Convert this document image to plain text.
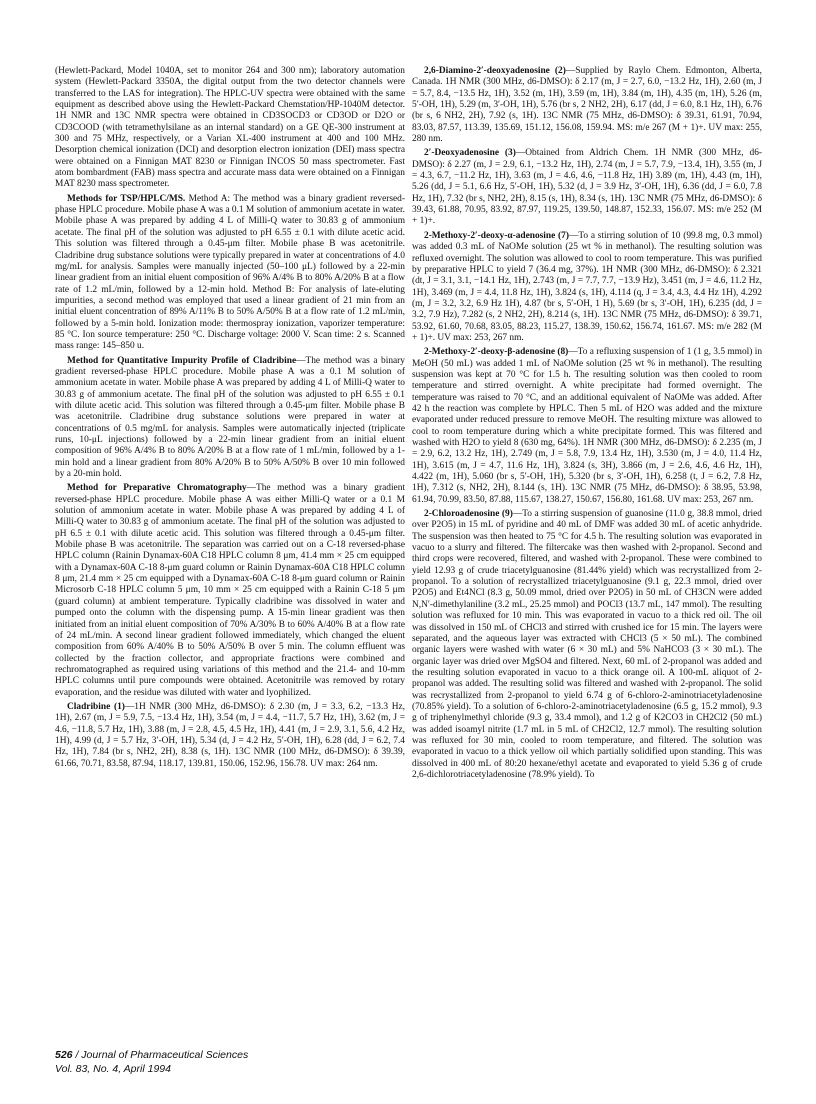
(Hewlett-Packard, Model 1040A, set to monitor 264 and 300 nm); laboratory automation system (Hewlett-Packard 3350A, the digital output from the two detector channels were transferred to the LAS for integration). The HPLC-UV spectra were obtained with the same equipment as described above using the Hewlett-Packard Chemstation/HP-1040M detector. 1H NMR and 13C NMR spectra were obtained in CD3SOCD3 or CD3OD or D2O or CD3COOD (with tetramethylsilane as an internal standard) on a GE QE-300 instrument at 300 and 75 MHz, respectively, or a Varian XL-400 instrument at 400 and 100 MHz. Desorption chemical ionization (DCI) and desorption electron ionization (DEI) mass spectra were obtained on a Finnigan MAT 8230 or Finnigan INCOS 50 mass spectrometer. Fast atom bombardment (FAB) mass spectra and accurate mass data were obtained on a Finnigan MAT 8230 mass spectrometer.

Methods for TSP/HPLC/MS. Method A: The method was a binary gradient reversed-phase HPLC procedure. Mobile phase A was a 0.1 M solution of ammonium acetate in water. Mobile phase A was prepared by adding 4 L of Milli-Q water to 30.83 g of ammonium acetate. The final pH of the solution was adjusted to pH 6.55 ± 0.1 with dilute acetic acid. This solution was filtered through a 0.45-μm filter. Mobile phase B was acetonitrile. Cladribine drug substance solutions were typically prepared in water at concentrations of 4.0 mg/mL for analysis. Samples were manually injected (50–100 μL) followed by a 22-min linear gradient from an initial eluent composition of 96% A/4% B to 80% A/20% B at a flow rate of 1.2 mL/min, followed by a 12-min hold. Method B: For analysis of late-eluting impurities, a second method was employed that used a linear gradient of 21 min from an initial eluent concentration of 89% A/11% B to 50% A/50% B at a flow rate of 1.2 mL/min, followed by a 5-min hold. Ionization mode: thermospray ionization, vaporizer temperature: 85 °C. Ion source temperature: 250 °C. Discharge voltage: 2000 V. Scan time: 2 s. Scanned mass range: 145–850 u.

Method for Quantitative Impurity Profile of Cladribine—The method was a binary gradient reversed-phase HPLC procedure. Mobile phase A was a 0.1 M solution of ammonium acetate in water. Mobile phase A was prepared by adding 4 L of Milli-Q water to 30.83 g of ammonium acetate. The final pH of the solution was adjusted to pH 6.55 ± 0.1 with dilute acetic acid. This solution was filtered through a 0.45-μm filter. Mobile phase B was acetonitrile. Cladribine drug substance solutions were prepared in water at concentrations of 0.5 mg/mL for analysis. Samples were automatically injected (triplicate runs, 10-μL injections) followed by a 22-min linear gradient from an initial eluent composition of 96% A/4% B to 80% A/20% B at a flow rate of 1 mL/min, followed by a 1-min hold and a linear gradient from 80% A/20% B to 50% A/50% B over 10 min followed by a 20-min hold.

Method for Preparative Chromatography—The method was a binary gradient reversed-phase HPLC procedure. Mobile phase A was either Milli-Q water or a 0.1 M solution of ammonium acetate in water. Mobile phase A was prepared by adding 4 L of Milli-Q water to 30.83 g of ammonium acetate. The final pH of the solution was adjusted to pH 6.5 ± 0.1 with dilute acetic acid. This solution was filtered through a 0.45-μm filter. Mobile phase B was acetonitrile. The separation was carried out on a C-18 reversed-phase HPLC column (Rainin Dynamax-60A C18 HPLC column 8 μm, 41.4 mm × 25 cm equipped with a Dynamax-60A C-18 8-μm guard column or Rainin Dynamax-60A C18 HPLC column 8 μm, 21.4 mm × 25 cm equipped with a Dynamax-60A C-18 8-μm guard column or Rainin Microsorb C-18 HPLC column 5 μm, 10 mm × 25 cm equipped with a Rainin C-18 5 μm (guard column) at ambient temperature. Typically cladribine was dissolved in water and pumped onto the column with the dispensing pump. A 15-min linear gradient was then initiated from an initial eluent composition of 70% A/30% B to 60% A/40% B at a flow rate of 24 mL/min. A second linear gradient followed immediately, which changed the eluent composition from 60% A/40% B to 50% A/50% B over 5 min. The column effluent was collected by the fraction collector, and appropriate fractions were combined and rechromatographed as required using variations of this method and the 21.4- and 10-mm HPLC columns until pure compounds were obtained. Acetonitrile was removed by rotary evaporation, and the residue was diluted with water and lyophilized.

Cladribine (1)—1H NMR (300 MHz, d6-DMSO): δ 2.30 (m, J = 3.3, 6.2, −13.3 Hz, 1H), 2.67 (m, J = 5.9, 7.5, −13.4 Hz, 1H), 3.54 (m, J = 4.4, −11.7, 5.7 Hz, 1H), 3.62 (m, J = 4.6, −11.8, 5.7 Hz, 1H), 3.88 (m, J = 2.8, 4.5, 4.5 Hz, 1H), 4.41 (m, J = 2.9, 3.1, 5.6, 4.2 Hz, 1H), 4.99 (d, J = 5.7 Hz, 3′-OH, 1H), 5.34 (d, J = 4.2 Hz, 5′-OH, 1H), 6.28 (dd, J = 6.2, 7.4 Hz, 1H), 7.84 (br s, NH2, 2H), 8.38 (s, 1H). 13C NMR (100 MHz, d6-DMSO): δ 39.39, 61.66, 70.71, 83.58, 87.94, 118.17, 139.81, 150.06, 152.96, 156.78. UV max: 264 nm.

2,6-Diamino-2′-deoxyadenosine (2)—Supplied by Raylo Chem. Edmonton, Alberta, Canada. 1H NMR (300 MHz, d6-DMSO): δ 2.17 (m, J = 2.7, 6.0, −13.2 Hz, 1H), 2.60 (m, J = 5.7, 8.4, −13.5 Hz, 1H), 3.52 (m, 1H), 3.59 (m, 1H), 3.84 (m, 1H), 4.35 (m, 1H), 5.26 (m, 5′-OH, 1H), 5.29 (m, 3′-OH, 1H), 5.76 (br s, 2 NH2, 2H), 6.17 (dd, J = 6.0, 8.1 Hz, 1H), 6.76 (br s, 6 NH2, 2H), 7.92 (s, 1H). 13C NMR (75 MHz, d6-DMSO): δ 39.31, 61.91, 70.94, 83.03, 87.57, 113.39, 135.69, 151.12, 156.08, 159.94. MS: m/e 267 (M + 1)+. UV max: 255, 280 nm.

2′-Deoxyadenosine (3)—Obtained from Aldrich Chem. 1H NMR (300 MHz, d6-DMSO): δ 2.27 (m, J = 2.9, 6.1, −13.2 Hz, 1H), 2.74 (m, J = 5.7, 7.9, −13.4, 1H), 3.55 (m, J = 4.3, 6.7, −11.2 Hz, 1H), 3.63 (m, J = 4.6, 4.6, −11.8 Hz, 1H) 3.89 (m, 1H), 4.43 (m, 1H), 5.26 (dd, J = 5.1, 6.6 Hz, 5′-OH, 1H), 5.32 (d, J = 3.9 Hz, 3′-OH, 1H), 6.36 (dd, J = 6.0, 7.8 Hz, 1H), 7.32 (br s, NH2, 2H), 8.15 (s, 1H), 8.34 (s, 1H). 13C NMR (75 MHz, d6-DMSO): δ 39.43, 61.88, 70.95, 83.92, 87.97, 119.25, 139.50, 148.87, 152.33, 156.07. MS: m/e 252 (M + 1)+.

2-Methoxy-2′-deoxy-α-adenosine (7)—To a stirring solution of 10 (99.8 mg, 0.3 mmol) was added 0.3 mL of NaOMe solution (25 wt % in methanol). The resulting solution was refluxed overnight. The solution was allowed to cool to room temperature. This was purified by preparative HPLC to yield 7 (36.4 mg, 37%). 1H NMR (300 MHz, d6-DMSO): δ 2.321 (dt, J = 3.1, 3.1, −14.1 Hz, 1H), 2.743 (m, J = 7.7, 7.7, −13.9 Hz), 3.451 (m, J = 4.6, 11.2 Hz, 1H), 3.469 (m, J = 4.4, 11.8 Hz, 1H), 3.824 (s, 1H), 4.114 (q, J = 3.4, 4.3, 4.4 Hz 1H), 4.292 (m, J = 3.2, 3.2, 6.9 Hz 1H), 4.87 (br s, 5′-OH, 1 H), 5.69 (br s, 3′-OH, 1H), 6.235 (dd, J = 3.2, 7.9 Hz), 7.282 (s, 2 NH2, 2H), 8.214 (s, 1H). 13C NMR (75 MHz, d6-DMSO): δ 39.71, 53.92, 61.60, 70.68, 83.05, 88.23, 115.27, 138.39, 150.62, 156.74, 161.67. MS: m/e 282 (M + 1)+. UV max: 253, 267 nm.

2-Methoxy-2′-deoxy-β-adenosine (8)—To a refluxing suspension of 1 (1 g, 3.5 mmol) in MeOH (50 mL) was added 1 mL of NaOMe solution (25 wt % in methanol). The resulting suspension was kept at 70 °C for 1.5 h. The resulting solution was then cooled to room temperature and stirred overnight. A white precipitate had formed overnight. The temperature was raised to 70 °C, and an additional equivalent of NaOMe was added. After 42 h the reaction was complete by HPLC. Then 5 mL of H2O was added and the mixture evaporated under reduced pressure to remove MeOH. The resulting mixture was allowed to cool to room temperature during which a white precipitate formed. This was filtered and washed with H2O to yield 8 (630 mg, 64%). 1H NMR (300 MHz, d6-DMSO): δ 2.235 (m, J = 2.9, 6.2, 13.2 Hz, 1H), 2.749 (m, J = 5.8, 7.9, 13.4 Hz, 1H), 3.530 (m, J = 4.0, 11.4 Hz, 1H), 3.615 (m, J = 4.7, 11.6 Hz, 1H), 3.824 (s, 3H), 3.866 (m, J = 2.6, 4.6, 4.6 Hz, 1H), 4.422 (m, 1H), 5.060 (br s, 5′-OH, 1H), 5.320 (br s, 3′-OH, 1H), 6.258 (t, J = 6.2, 7.8 Hz, 1H), 7.312 (s, NH2, 2H), 8.144 (s, 1H). 13C NMR (75 MHz, d6-DMSO): δ 38.95, 53.98, 61.94, 70.99, 83.50, 87.88, 115.67, 138.27, 150.67, 156.80, 161.68. UV max: 253, 267 nm.

2-Chloroadenosine (9)—To a stirring suspension of guanosine (11.0 g, 38.8 mmol, dried over P2O5) in 15 mL of pyridine and 40 mL of DMF was added 30 mL of acetic anhydride. The suspension was then heated to 75 °C for 4.5 h. The resulting solution was evaporated in vacuo to a slurry and filtered. The filtercake was then washed with 2-propanol. Second and third crops were recovered, filtered, and washed with 2-propanol. These were combined to yield 12.93 g of crude triacetylguanosine (81.44% yield) which was recrystallized from 2-propanol. To a solution of recrystallized triacetylguanosine (9.1 g, 22.3 mmol, dried over P2O5) and Et4NCl (8.3 g, 50.09 mmol, dried over P2O5) in 50 mL of CH3CN were added N,N′-dimethylaniline (3.2 mL, 25.25 mmol) and POCl3 (13.7 mL, 147 mmol). The resulting solution was refluxed for 10 min. This was evaporated in vacuo to a thick red oil. The oil was dissolved in 150 mL of CHCl3 and stirred with crushed ice for 15 min. The layers were separated, and the aqueous layer was extracted with CHCl3 (5 × 50 mL). The combined organic layers were washed with water (6 × 30 mL) and 5% NaHCO3 (3 × 30 mL). The organic layer was dried over MgSO4 and filtered. Next, 60 mL of 2-propanol was added and the resulting solution evaporated in vacuo to a thick orange oil. A 100-mL aliquot of 2-propanol was added. The resulting solid was filtered and washed with 2-propanol. The solid was recrystallized from 2-propanol to yield 6.74 g of 6-chloro-2-aminotriacetyladenosine (70.85% yield). To a solution of 6-chloro-2-aminotriacetyladenosine (6.5 g, 15.2 mmol), 9.3 g of triphenylmethyl chloride (9.3 g, 33.4 mmol), and 1.2 g of K2CO3 in CH2Cl2 (50 mL) was added isoamyl nitrite (1.7 mL in 5 mL of CH2Cl2, 12.7 mmol). The resulting solution was refluxed for 30 min, cooled to room temperature, and filtered. The solution was evaporated in vacuo to a thick yellow oil which partially solidified upon standing. This was dissolved in 400 mL of 80:20 hexane/ethyl acetate and evaporated to yield 5.36 g of crude 2,6-dichlorotriacetyladenosine (78.9% yield). To

526 / Journal of Pharmaceutical Sciences
Vol. 83, No. 4, April 1994
